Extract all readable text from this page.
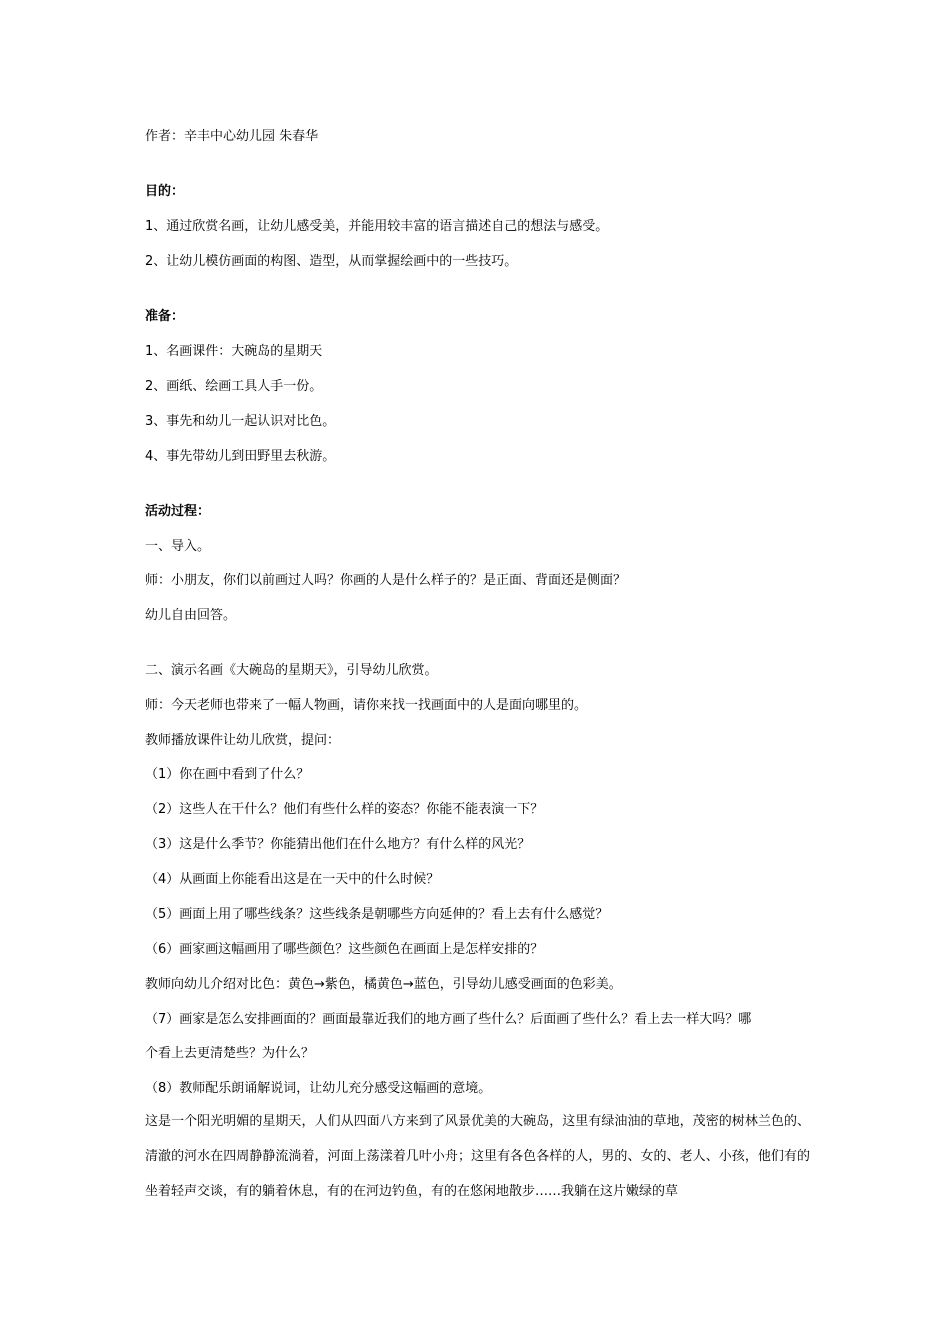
作者：辛丰中心幼儿园 朱春华
目的：
1、通过欣赏名画，让幼儿感受美，并能用较丰富的语言描述自己的想法与感受。
2、让幼儿模仿画面的构图、造型，从而掌握绘画中的一些技巧。
准备：
1、名画课件：大碗岛的星期天
2、画纸、绘画工具人手一份。
3、事先和幼儿一起认识对比色。
4、事先带幼儿到田野里去秋游。
活动过程：
一、导入。
师：小朋友，你们以前画过人吗？你画的人是什么样子的？是正面、背面还是侧面？
幼儿自由回答。
二、演示名画《大碗岛的星期天》，引导幼儿欣赏。
师：今天老师也带来了一幅人物画，请你来找一找画面中的人是面向哪里的。
教师播放课件让幼儿欣赏，提问：
（1）你在画中看到了什么？
（2）这些人在干什么？他们有些什么样的姿态？你能不能表演一下？
（3）这是什么季节？你能猜出他们在什么地方？有什么样的风光？
（4）从画面上你能看出这是在一天中的什么时候？
（5）画面上用了哪些线条？这些线条是朝哪些方向延伸的？看上去有什么感觉？
（6）画家画这幅画用了哪些颜色？这些颜色在画面上是怎样安排的？
教师向幼儿介绍对比色：黄色→紫色，橘黄色→蓝色，引导幼儿感受画面的色彩美。
（7）画家是怎么安排画面的？画面最靠近我们的地方画了些什么？后面画了些什么？看上去一样大吗？哪
个看上去更清楚些？为什么？
（8）教师配乐朗诵解说词，让幼儿充分感受这幅画的意境。
这是一个阳光明媚的星期天，人们从四面八方来到了风景优美的大碗岛，这里有绿油油的草地，茂密的树林兰色的、清澈的河水在四周静静流淌着，河面上荡漾着几叶小舟；这里有各色各样的人，男的、女的、老人、小孩，他们有的坐着轻声交谈，有的躺着休息，有的在河边钓鱼，有的在悠闲地散步……我躺在这片嫩绿的草
